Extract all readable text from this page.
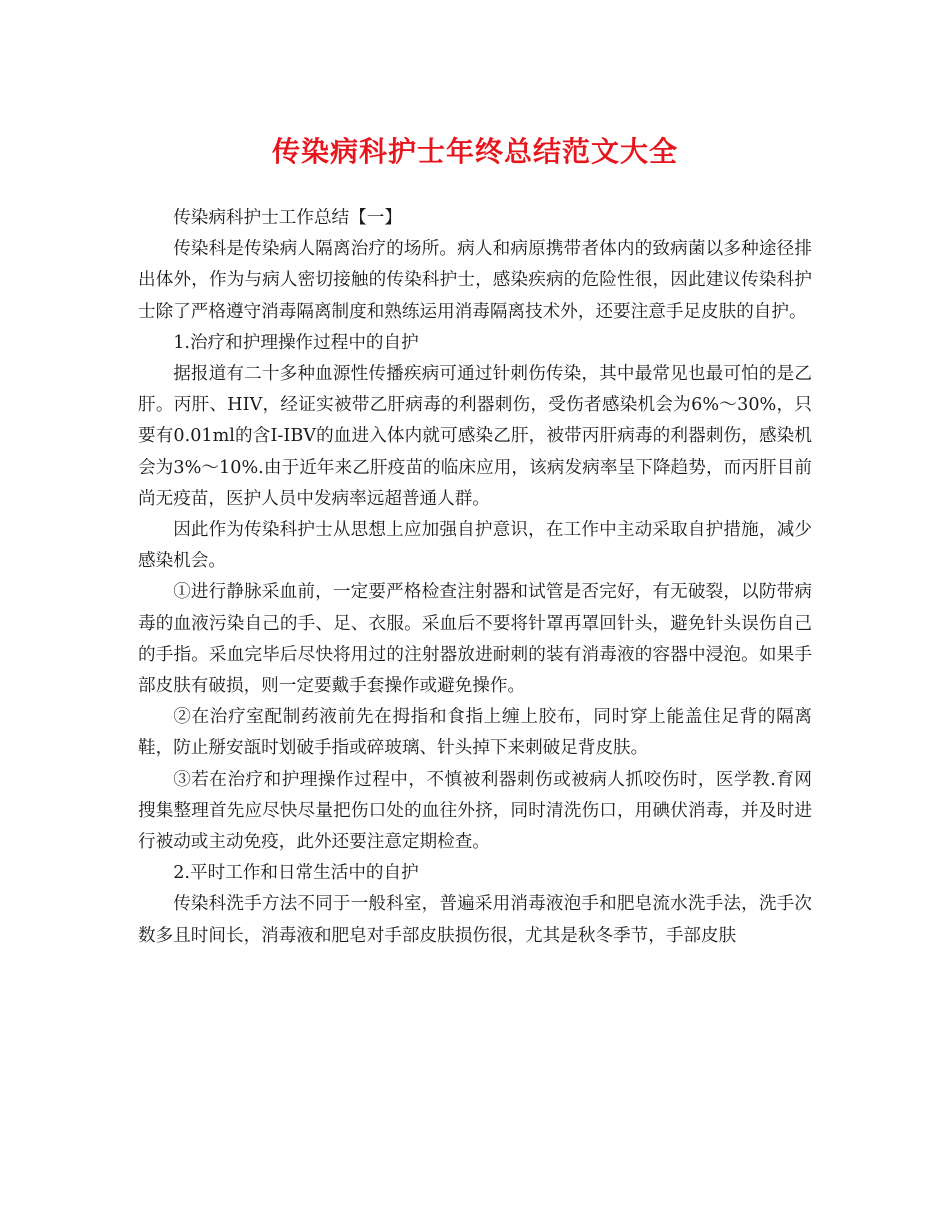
传染病科护士年终总结范文大全

传染病科护士工作总结【一】

传染科是传染病人隔离治疗的场所。病人和病原携带者体内的致病菌以多种途径排出体外，作为与病人密切接触的传染科护士，感染疾病的危险性很，因此建议传染科护士除了严格遵守消毒隔离制度和熟练运用消毒隔离技术外，还要注意手足皮肤的自护。

1.治疗和护理操作过程中的自护

据报道有二十多种血源性传播疾病可通过针刺伤传染，其中最常见也最可怕的是乙肝。丙肝、HIV，经证实被带乙肝病毒的利器刺伤，受伤者感染机会为6%～30%，只要有0.01ml的含I-IBV的血进入体内就可感染乙肝，被带丙肝病毒的利器刺伤，感染机会为3%～10%.由于近年来乙肝疫苗的临床应用，该病发病率呈下降趋势，而丙肝目前尚无疫苗，医护人员中发病率远超普通人群。

因此作为传染科护士从思想上应加强自护意识，在工作中主动采取自护措施，减少感染机会。

①进行静脉采血前，一定要严格检查注射器和试管是否完好，有无破裂，以防带病毒的血液污染自己的手、足、衣服。采血后不要将针罩再罩回针头，避免针头误伤自己的手指。采血完毕后尽快将用过的注射器放进耐刺的装有消毒液的容器中浸泡。如果手部皮肤有破损，则一定要戴手套操作或避免操作。

②在治疗室配制药液前先在拇指和食指上缠上胶布，同时穿上能盖住足背的隔离鞋，防止掰安瓿时划破手指或碎玻璃、针头掉下来刺破足背皮肤。

③若在治疗和护理操作过程中，不慎被利器刺伤或被病人抓咬伤时，医学教.育网搜集整理首先应尽快尽量把伤口处的血往外挤，同时清洗伤口，用碘伏消毒，并及时进行被动或主动免疫，此外还要注意定期检查。

2.平时工作和日常生活中的自护

传染科洗手方法不同于一般科室，普遍采用消毒液泡手和肥皂流水洗手法，洗手次数多且时间长，消毒液和肥皂对手部皮肤损伤很，尤其是秋冬季节，手部皮肤
